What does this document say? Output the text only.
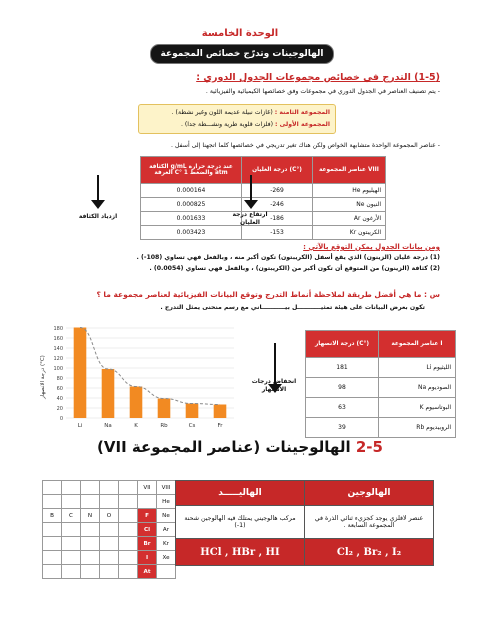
الوحدة الخامسة
الهالوجينات وتدرّج خصائص المجموعة
(1-5) التدرج في خصائص مجموعات الجدول الدوري :
- يتم تصنيف العناصر في الجدول الدوري في مجموعات وفق خصائصها الكيميائية والفيزيائية .
المجموعة الثامنة : (غازات نبيلة عديمة اللون وغير نشطة) .
المجموعة الأولى : (فلزات قلوية طرية ونشـــطة جدا) .
- عناصر المجموعة الواحدة متشابهة الخواص ولكن هناك تغير تدريجي في خصائصها كلما اتجهنا إلى أسفل .
الكثافة g/mL عند درجة حرارة الغرفة C° والضغط 1 atm	درجة الغليان (C°)	عناصر المجموعة VIII
0.000164	-269	الهيليوم He
0.000825	-246	النيون Ne
0.001633	-186	الأرغون Ar
0.003423	-153	الكريبتون Kr
ازدياد الكثافة	ارتفاع درجة الغليان
ومن بيانات الجدول يمكن التوقع بالآتي :
(1) درجة غليان (الزينون) الذي يقع أسفل (الكريبتون) تكون أكبر منه ، وبالفعل فهي تساوي (108-) .
(2) كثافة (الزينون) من المتوقع أن تكون أكبر من (الكريبتون) ، وبالفعل فهي تساوي (0.0054) .
س : ما هي أفضل طريقة لملاحظة أنماط التدرج وتوقع البيانات الفيزيائية لعناصر مجموعة ما ؟
تكون بعرض البيانات على هيئة تمثيـــــــــــل بيـــــــــــاني مع رسم منحنى يمثل التدرج .
Li	Na	K	Rb	Cs	Fr
0
20
40
60
80
100
120
140
160
180
درجة الانصهار (°C)
درجة الانصهار (C°)	عناصر المجموعة I
181	الليثيوم Li
98	الصوديوم Na
63	البوتاسيوم K
39	الروبيديوم Rb
انخفاض درجات الانصهار
2-5 الهالوجينات (عناصر المجموعة VII)
					VII	VIII
						He
B	C	N	O		F	Ne
					Cl	Ar
					Br	Kr
					I	Xe
					At	
الهاليـــــد	الهالوجين
مركب هالوجيني يمتلك فيه الهالوجين شحنة (1-)	عنصر لافلزي يوجد كجزيء ثنائي الذرة في المجموعة السابعة .
HCl , HBr , HI	Cl₂ , Br₂ , I₂
